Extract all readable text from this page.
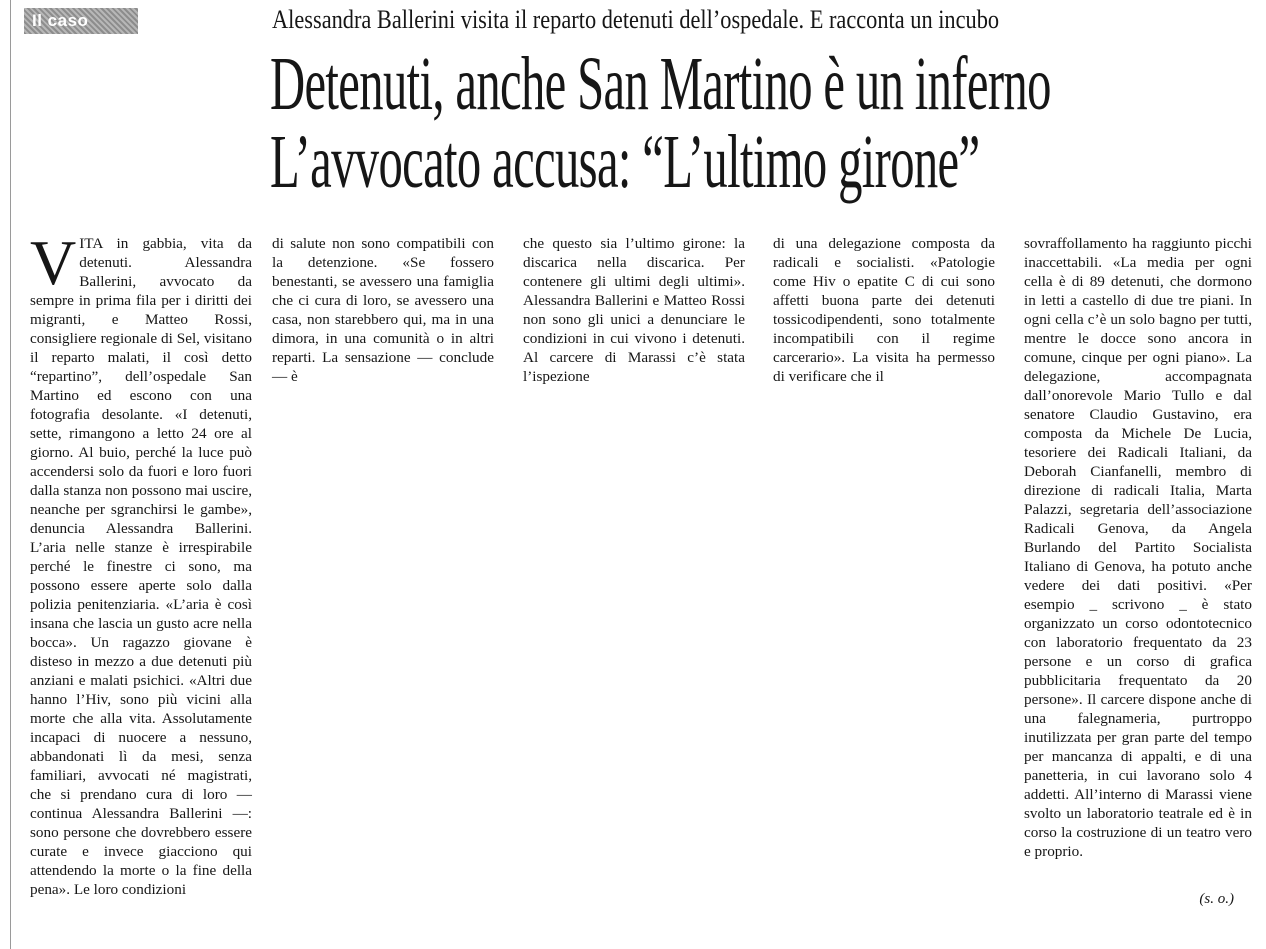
Il caso	Alessandra Ballerini visita il reparto detenuti dell’ospedale. E racconta un incubo
Detenuti, anche San Martino è un inferno
L’avvocato accusa: “L’ultimo girone”
VITA in gabbia, vita da detenuti. Alessandra Ballerini, avvocato da sempre in prima fila per i diritti dei migranti, e Matteo Rossi, consigliere regionale di Sel, visitano il reparto malati, il così detto “repartino”, dell’ospedale San Martino ed escono con una fotografia desolante. «I detenuti, sette, rimangono a letto 24 ore al giorno. Al buio, perché la luce può accendersi solo da fuori e loro fuori dalla stanza non possono mai uscire, neanche per sgranchirsi le gambe», denuncia Alessandra Ballerini. L’aria nelle stanze è irrespirabile perché le finestre ci sono, ma possono essere aperte solo dalla polizia penitenziaria. «L’aria è così insana che lascia un gusto acre nella bocca». Un ragazzo giovane è disteso in mezzo a due detenuti più anziani e malati psichici. «Altri due hanno l’Hiv, sono più vicini alla morte che alla vita. Assolutamente incapaci di nuocere a nessuno, abbandonati lì da mesi, senza familiari, avvocati né magistrati, che si prendano cura di loro — continua Alessandra Ballerini —: sono persone che dovrebbero essere curate e invece giacciono qui attendendo la morte o la fine della pena». Le loro condizioni
di salute non sono compatibili con la detenzione. «Se fossero benestanti, se avessero una famiglia che ci cura di loro, se avessero una casa, non starebbero qui, ma in una dimora, in una comunità o in altri reparti. La sensazione — conclude — è
che questo sia l’ultimo girone: la discarica nella discarica. Per contenere gli ultimi degli ultimi». Alessandra Ballerini e Matteo Rossi non sono gli unici a denunciare le condizioni in cui vivono i detenuti. Al carcere di Marassi c’è stata l’ispezione
di una delegazione composta da radicali e socialisti. «Patologie come Hiv o epatite C di cui sono affetti buona parte dei detenuti tossicodipendenti, sono totalmente incompatibili con il regime carcerario». La visita ha permesso di verificare che il
sovraffollamento ha raggiunto picchi inaccettabili. «La media per ogni cella è di 89 detenuti, che dormono in letti a castello di due tre piani. In ogni cella c’è un solo bagno per tutti, mentre le docce sono ancora in comune, cinque per ogni piano». La delegazione, accompagnata dall’onorevole Mario Tullo e dal senatore Claudio Gustavino, era composta da Michele De Lucia, tesoriere dei Radicali Italiani, da Deborah Cianfanelli, membro di direzione di radicali Italia, Marta Palazzi, segretaria dell’associazione Radicali Genova, da Angela Burlando del Partito Socialista Italiano di Genova, ha potuto anche vedere dei dati positivi. «Per esempio _ scrivono _ è stato organizzato un corso odontotecnico con laboratorio frequentato da 23 persone e un corso di grafica pubblicitaria frequentato da 20 persone». Il carcere dispone anche di una falegnameria, purtroppo inutilizzata per gran parte del tempo per mancanza di appalti, e di una panetteria, in cui lavorano solo 4 addetti. All’interno di Marassi viene svolto un laboratorio teatrale ed è in corso la costruzione di un teatro vero e proprio.
(s. o.)
